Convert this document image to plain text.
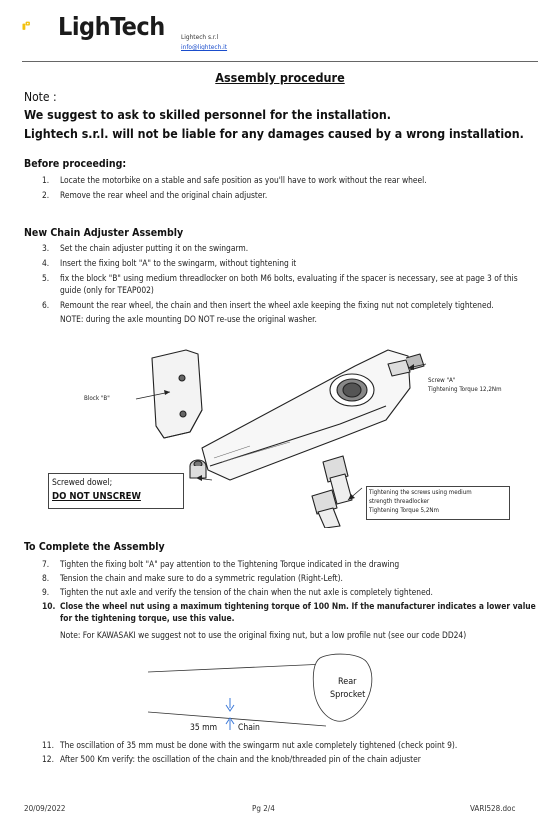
LighTech Lightech s.r.l
info@lightech.it
Assembly procedure
Note :
We suggest to ask to skilled personnel for the installation.
Lightech s.r.l. will not be liable for any damages caused by a wrong installation.
Before proceeding:
1.	Locate the motorbike on a stable and safe position as you'll have to work without the rear wheel.
2.	Remove the rear wheel and the original chain adjuster.
New Chain Adjuster Assembly
3.	Set the chain adjuster putting it on the swingarm.
4.	Insert the fixing bolt "A" to the swingarm, without tightening it
5.	fix the block "B" using medium threadlocker on both M6 bolts, evaluating if the spacer is necessary, see at page 3 of this guide (only for TEAP002)
6.	Remount the rear wheel, the chain and then insert the wheel axle keeping the fixing nut not completely tightened.
NOTE: during the axle mounting DO NOT re-use the original washer.
Block "B"
Screw "A"
Tightening Torque 12,2Nm
Screwed dowel;
DO NOT UNSCREW	Tightening the screws using medium
strength threadlocker
Tightening Torque 5,2Nm
To Complete the Assembly
7.	Tighten the fixing bolt "A" pay attention to the Tightening Torque indicated in the drawing
8.	Tension the chain and make sure to do a symmetric regulation (Right-Left).
9.	Tighten the nut axle and verify the tension of the chain when the nut axle is completely tightened.
10. Close the wheel nut using a maximum tightening torque of 100 Nm. If the manufacturer indicates a lower value for the tightening torque, use this value.
Note: For KAWASAKI we suggest not to use the original fixing nut, but a low profile nut (see our code DD24)
Rear
Sprocket
35 mm Chain
11. The oscillation of 35 mm must be done with the swingarm nut axle completely tightened (check point 9).
12. After 500 Km verify: the oscillation of the chain and the knob/threaded pin of the chain adjuster
20/09/2022	Pg 2/4	VARI528.doc
